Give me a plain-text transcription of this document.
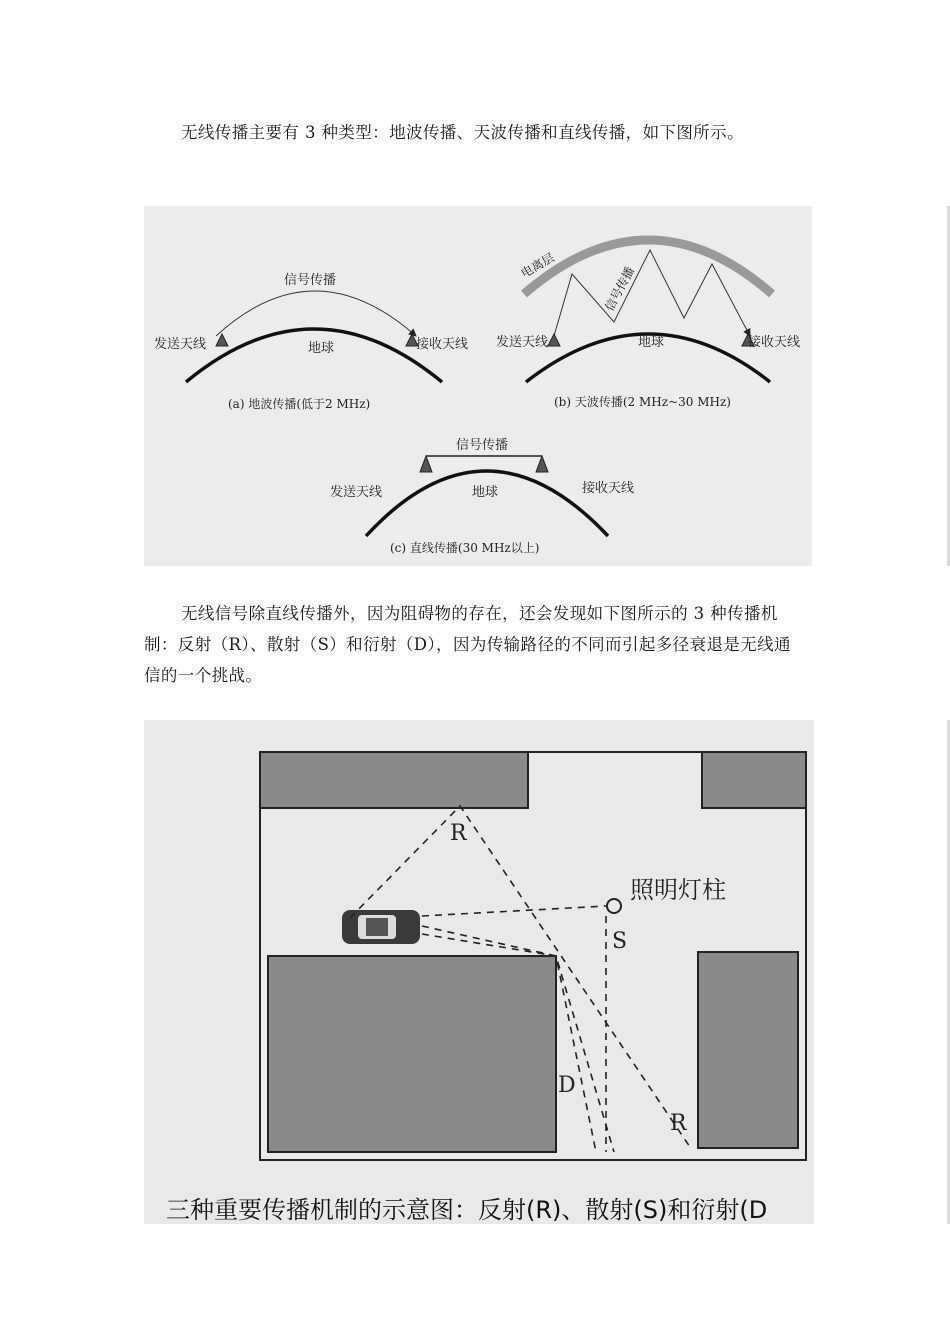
无线传播主要有 3 种类型：地波传播、天波传播和直线传播，如下图所示。

信号传播
发送天线	地球	接收天线
(a) 地波传播(低于2 MHz)
电离层	信号传播
发送天线	地球	接收天线
(b) 天波传播(2 MHz~30 MHz)
信号传播
发送天线	地球	接收天线
(c) 直线传播(30 MHz以上)

无线信号除直线传播外，因为阻碍物的存在，还会发现如下图所示的 3 种传播机制：反射（R）、散射（S）和衍射（D），因为传输路径的不同而引起多径衰退是无线通信的一个挑战。

R
照明灯柱
S
D
R
三种重要传播机制的示意图：反射(R)、散射(S)和衍射(D
